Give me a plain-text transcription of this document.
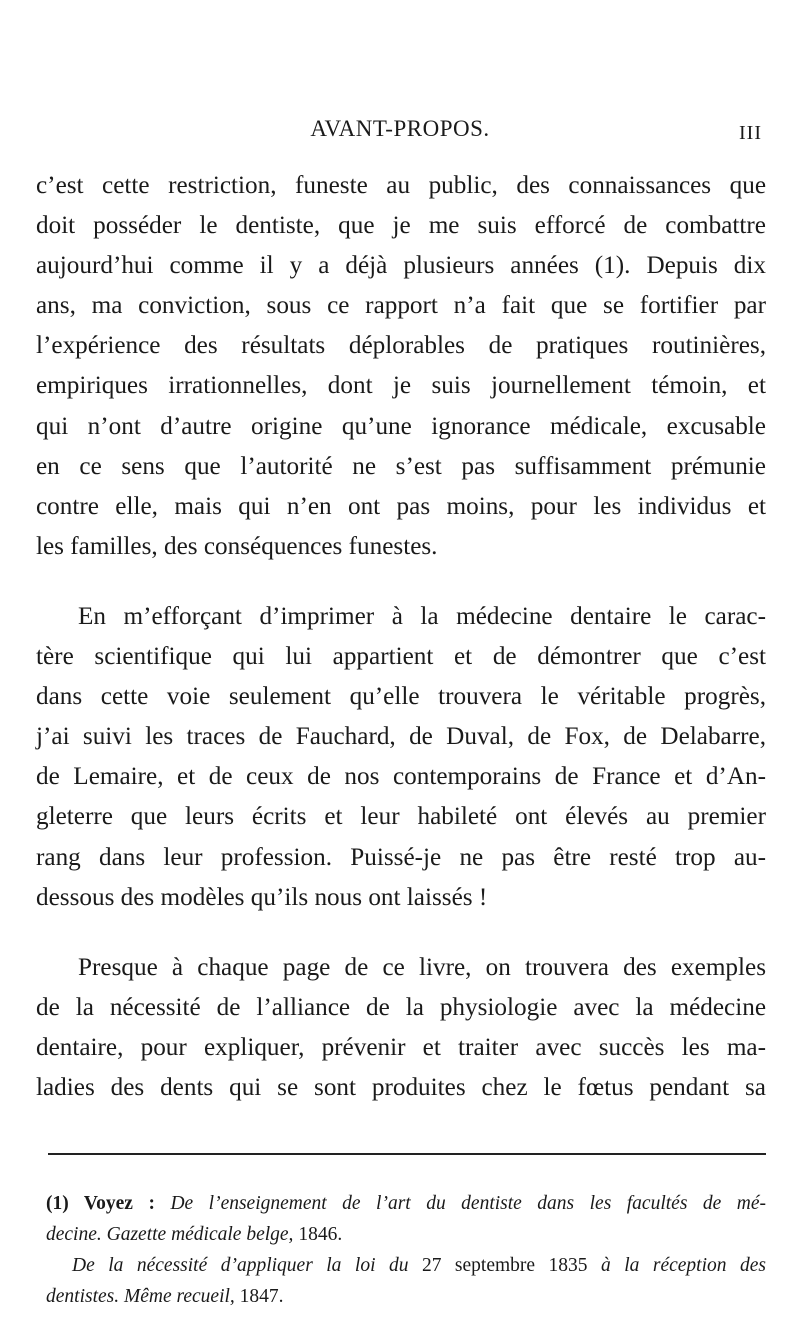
AVANT-PROPOS.	III

c’est cette restriction, funeste au public, des connaissances que
doit posséder le dentiste, que je me suis efforcé de combattre
aujourd’hui comme il y a déjà plusieurs années (1). Depuis dix
ans, ma conviction, sous ce rapport n’a fait que se fortifier par
l’expérience des résultats déplorables de pratiques routinières,
empiriques irrationnelles, dont je suis journellement témoin, et
qui n’ont d’autre origine qu’une ignorance médicale, excusable
en ce sens que l’autorité ne s’est pas suffisamment prémunie
contre elle, mais qui n’en ont pas moins, pour les individus et
les familles, des conséquences funestes.

En m’efforçant d’imprimer à la médecine dentaire le carac-
tère scientifique qui lui appartient et de démontrer que c’est
dans cette voie seulement qu’elle trouvera le véritable progrès,
j’ai suivi les traces de Fauchard, de Duval, de Fox, de Delabarre,
de Lemaire, et de ceux de nos contemporains de France et d’An-
gleterre que leurs écrits et leur habileté ont élevés au premier
rang dans leur profession. Puissé-je ne pas être resté trop au-
dessous des modèles qu’ils nous ont laissés !

Presque à chaque page de ce livre, on trouvera des exemples
de la nécessité de l’alliance de la physiologie avec la médecine
dentaire, pour expliquer, prévenir et traiter avec succès les ma-
ladies des dents qui se sont produites chez le fœtus pendant sa

(1) Voyez : De l’enseignement de l’art du dentiste dans les facultés de mé-
decine. Gazette médicale belge, 1846.

De la nécessité d’appliquer la loi du 27 septembre 1835 à la réception des
dentistes. Même recueil, 1847.
